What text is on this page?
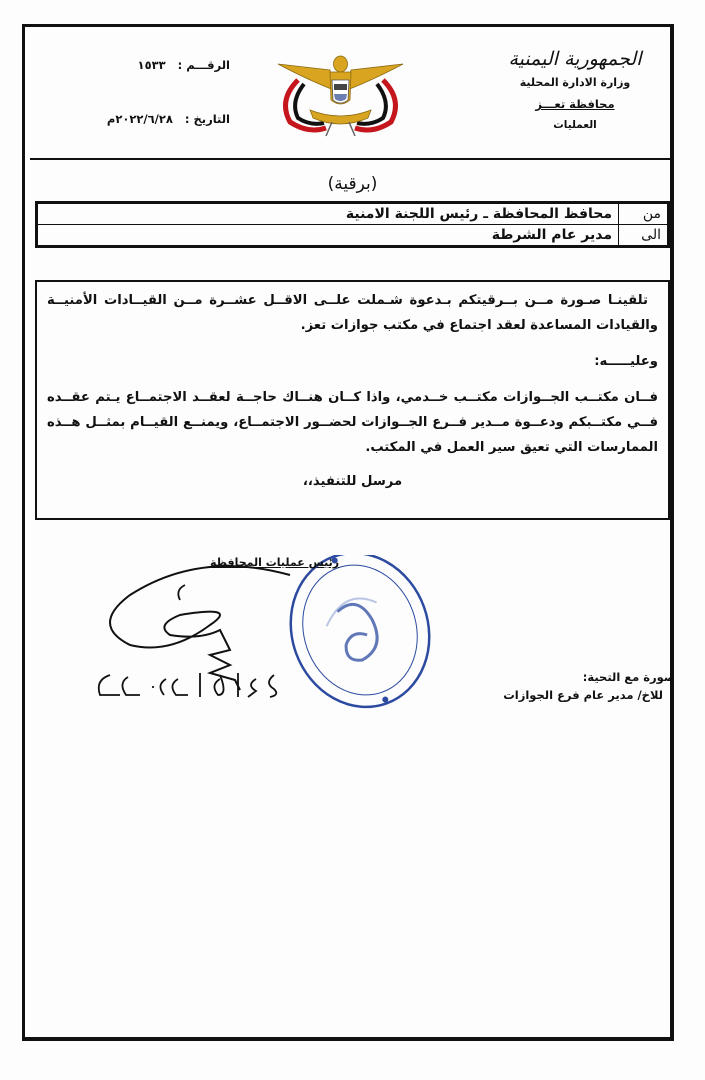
الجمهورية اليمنية
وزارة الادارة المحلية
محافظة تعـــز
العمليات
الرقـــم : ١٥٣٣
التاريخ : ٢٠٢٢/٦/٢٨م
(برقية)
من	محافظ المحافظة ـ رئيس اللجنة الامنية
الى	مدير عام الشرطة

تلقينـا صـورة مــن بــرقيتكم بـدعوة شـملت علــى الاقــل عشــرة مــن القيــادات الأمنيــة والقيادات المساعدة لعقد اجتماع في مكتب جوازات تعز.

وعليـــــه:

فــان مكتــب الجــوازات مكتــب خــدمي، واذا كــان هنــاك حاجــة لعقــد الاجتمــاع يـتم عقــده فــي مكتــبكم ودعــوة مــدير فــرع الجــوازات لحضــور الاجتمــاع، ويمنــع القيــام بمثــل هــذه الممارسات التي تعيق سير العمل في المكتب.

مرسل للتنفيذ،،

رئيس عمليات المحافظة
صورة مع التحية:
للاخ/ مدير عام فرع الجوازات
